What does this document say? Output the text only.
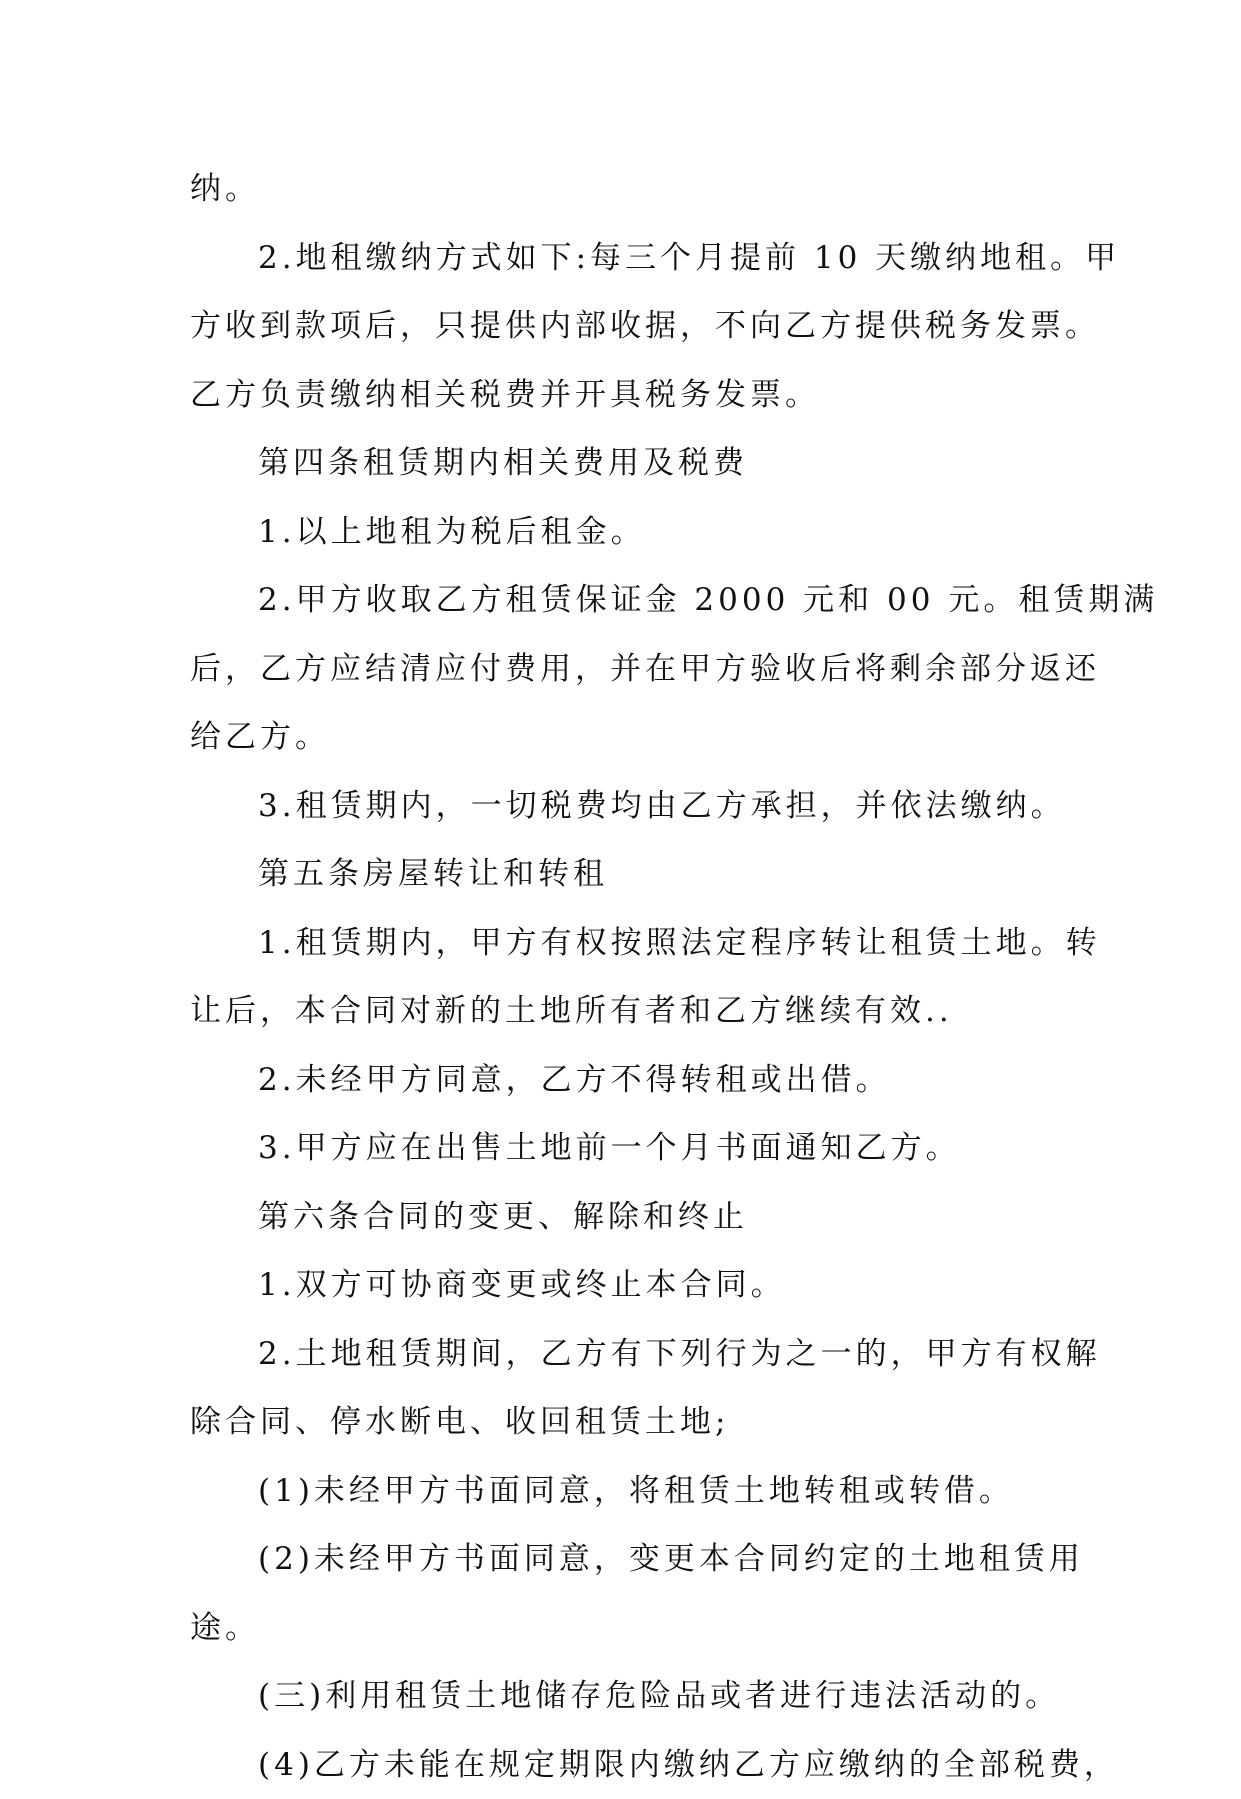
纳。

2.地租缴纳方式如下:每三个月提前 10 天缴纳地租。甲

方收到款项后，只提供内部收据，不向乙方提供税务发票。

乙方负责缴纳相关税费并开具税务发票。

第四条租赁期内相关费用及税费

1.以上地租为税后租金。

2.甲方收取乙方租赁保证金 2000 元和 00 元。租赁期满

后，乙方应结清应付费用，并在甲方验收后将剩余部分返还

给乙方。

3.租赁期内，一切税费均由乙方承担，并依法缴纳。

第五条房屋转让和转租

1.租赁期内，甲方有权按照法定程序转让租赁土地。转

让后，本合同对新的土地所有者和乙方继续有效..

2.未经甲方同意，乙方不得转租或出借。

3.甲方应在出售土地前一个月书面通知乙方。

第六条合同的变更、解除和终止

1.双方可协商变更或终止本合同。

2.土地租赁期间，乙方有下列行为之一的，甲方有权解

除合同、停水断电、收回租赁土地;

(1)未经甲方书面同意，将租赁土地转租或转借。

(2)未经甲方书面同意，变更本合同约定的土地租赁用

途。

(三)利用租赁土地储存危险品或者进行违法活动的。

(4)乙方未能在规定期限内缴纳乙方应缴纳的全部税费，
